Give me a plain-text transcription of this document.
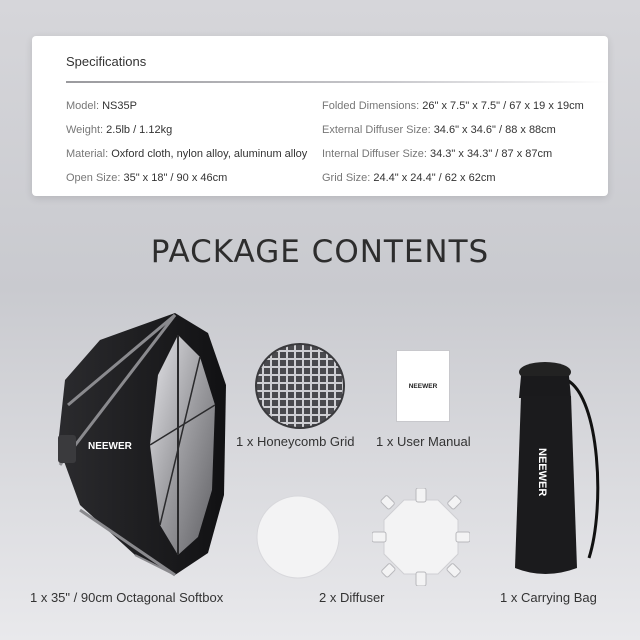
Specifications
Model: NS35P
Weight: 2.5lb / 1.12kg
Material: Oxford cloth, nylon alloy, aluminum alloy
Open Size: 35" x 18" / 90 x 46cm
Folded Dimensions: 26" x 7.5" x 7.5" / 67 x 19 x 19cm
External Diffuser Size: 34.6" x 34.6" / 88 x 88cm
Internal Diffuser Size: 34.3" x 34.3" / 87 x 87cm
Grid Size: 24.4" x 24.4" / 62 x 62cm
PACKAGE CONTENTS
NEEWER
1 x 35" / 90cm Octagonal Softbox
1 x Honeycomb Grid
NEEWER
1 x User Manual
2 x Diffuser
NEEWER
1 x Carrying Bag
